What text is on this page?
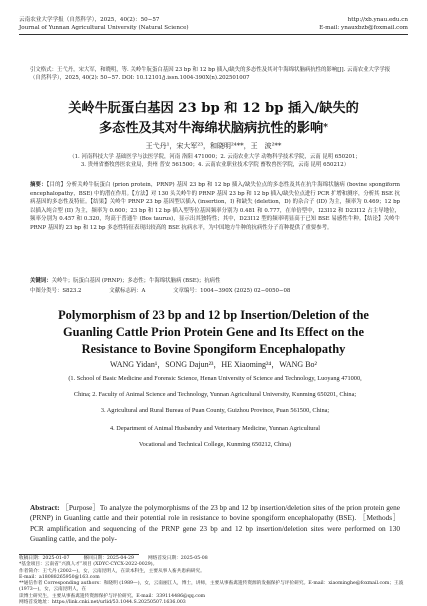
云南农业大学学报（自然科学），2025，40(2)：50−57
Journal of Yunnan Agricultural University (Natural Science)
http://xb.ynau.edu.cn
E-mail: ynauxbzb@foxmail.com
引文格式：王弋丹，宋大军，和晓明，等. 关岭牛朊蛋白基因 23 bp 和 12 bp 插入/缺失的多态性及其对牛海绵状脑病抗性的影响[J]. 云南农业大学学报（自然科学），2025, 40(2): 50−57. DOI: 10.12101/j.issn.1004-390X(n).202501007
关岭牛朊蛋白基因 23 bp 和 12 bp 插入/缺失的
多态性及其对牛海绵状脑病抗性的影响*
王弋丹¹，宋大军²³，和晓明²⁴**，王　波²**
（1. 河南科技大学 基础医学与法医学院，河南 洛阳 471000；2. 云南农业大学 动物科学技术学院，云南 昆明 650201；
3. 贵州省畜牧兽医农业局，贵州 普安 561500；4. 云南农业职业技术学院 畜牧兽医学院，云南 昆明 650212）
摘要：【目的】分析关岭牛朊蛋白 (prion protein，PRNP) 基因 23 bp 和 12 bp 插入/缺失位点的多态性及其在抗牛海绵状脑病 (bovine spongiform encephalopathy，BSE) 中的潜在作用。【方法】对 130 头关岭牛的 PRNP 基因 23 bp 和 12 bp 插入/缺失位点进行 PCR 扩增和测序，分析其 BSE 抗病基因的多态性及特征。【结果】关岭牛 PRNP 23 bp 基因型以插入 (insertion，I) 和缺失 (deletion，D) 的杂合子 (ID) 为主，频率为 0.469；12 bp 以插入纯合型 (II) 为主，频率为 0.600；23 bp 和 12 bp 插入型等位基因频率分别为 0.481 和 0.777，在单倍型中，I23I12 和 D23I12 占主导地位，频率分别为 0.457 和 0.320，均高于普通牛 (Bos taurus)，显示出其独特性；其中，D23I12 型的频率明显高于已知 BSE 易感性牛种。【结论】关岭牛 PRNP 基因的 23 bp 和 12 bp 多态性特征表现出较高的 BSE 抗病水平，为中国地方牛种的抗病性分子育种提供了重要参考。
关键词：关岭牛；朊蛋白基因 (PRNP)；多态性；牛海绵状脑病 (BSE)；抗病性
中图分类号：S823.2	文献标志码：A	文章编号：1004−390X (2025) 02−0050−08
Polymorphism of 23 bp and 12 bp Insertion/Deletion of the
Guanling Cattle Prion Protein Gene and Its Effect on the
Resistance to Bovine Spongiform Encephalopathy
WANG Yidan¹，SONG Dajun²³，HE Xiaoming²⁴，WANG Bo²
(1. School of Basic Medicine and Forensic Science, Henan University of Science and Technology, Luoyang 471000,
China; 2. Faculty of Animal Science and Technology, Yunnan Agricultural University, Kunming 650201, China;
3. Agricultural and Rural Bureau of Puan County, Guizhou Province, Puan 561500, China;
4. Department of Animal Husbandry and Veterinary Medicine, Yunnan Agricultural
Vocational and Technical College, Kunming 650212, China)
Abstract: ［Purpose］To analyze the polymorphisms of the 23 bp and 12 bp insertion/deletion sites of the prion protein gene (PRNP) in Guanling cattle and their potential role in resistance to bovine spongiform encephalopathy (BSE). ［Methods］PCR amplification and sequencing of the PRNP gene 23 bp and 12 bp insertion/deletion sites were performed on 130 Guanling cattle, and the poly-
收稿日期：2025-01-07	修回日期：2025-04-29	网络首发日期：2025-05-08
*基金项目：云南省“兴滇人才”项目 (XDYC-CYCX-2022-0029)。
作者简介：王弋丹 (2002—)，女，云南昆明人，在读本科生，主要从事人畜共患病研究。
E-mail：a18088265950@163.com
**通信作者 Corresponding authors：和晓明 (1989—)，女，云南丽江人，博士，讲师，主要从事畜禽遗传资源的发掘保护与评价研究。E-mail：xiaominghe@foxmail.com；王波 (1973—)，女，云南昆明人，在
读博士研究生，主要从事畜禽遗传资源保护与评价研究。E-mail：339114486@qq.com
网络首发地址：https://link.cnki.net/urlid/53.1044.S.20250507.1636.003
